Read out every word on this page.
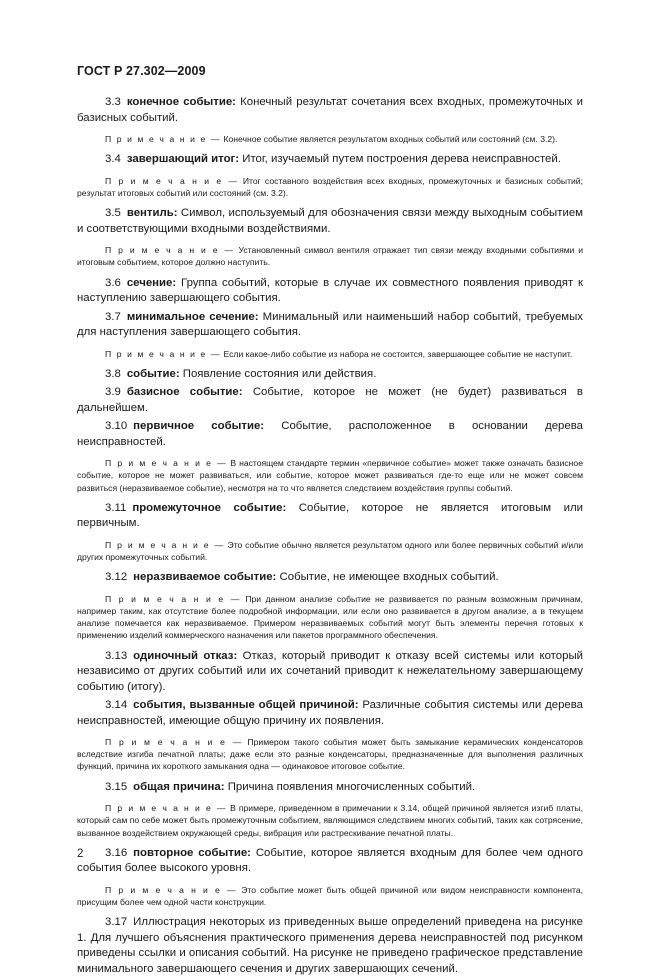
ГОСТ Р 27.302—2009

3.3 конечное событие: Конечный результат сочетания всех входных, промежуточных и базисных событий.

П р и м е ч а н и е — Конечное событие является результатом входных событий или состояний (см. 3.2).

3.4 завершающий итог: Итог, изучаемый путем построения дерева неисправностей.

П р и м е ч а н и е — Итог составного воздействия всех входных, промежуточных и базисных событий; результат итоговых событий или состояний (см. 3.2).

3.5 вентиль: Символ, используемый для обозначения связи между выходным событием и соответствующими входными воздействиями.

П р и м е ч а н и е — Установленный символ вентиля отражает тип связи между входными событиями и итоговым событием, которое должно наступить.

3.6 сечение: Группа событий, которые в случае их совместного появления приводят к наступлению завершающего события.

3.7 минимальное сечение: Минимальный или наименьший набор событий, требуемых для наступления завершающего события.

П р и м е ч а н и е — Если какое-либо событие из набора не состоится, завершающее событие не наступит.

3.8 событие: Появление состояния или действия.

3.9 базисное событие: Событие, которое не может (не будет) развиваться в дальнейшем.

3.10 первичное событие: Событие, расположенное в основании дерева неисправностей.

П р и м е ч а н и е — В настоящем стандарте термин «первичное событие» может также означать базисное событие, которое не может развиваться, или событие, которое может развиваться где-то еще или не может совсем развиться (неразвиваемое событие), несмотря на то что является следствием воздействия группы событий.

3.11 промежуточное событие: Событие, которое не является итоговым или первичным.

П р и м е ч а н и е — Это событие обычно является результатом одного или более первичных событий и/или других промежуточных событий.

3.12 неразвиваемое событие: Событие, не имеющее входных событий.

П р и м е ч а н и е — При данном анализе событие не развивается по разным возможным причинам, например таким, как отсутствие более подробной информации, или если оно развивается в другом анализе, а в текущем анализе помечается как неразвиваемое. Примером неразвиваемых событий могут быть элементы перечня готовых к применению изделий коммерческого назначения или пакетов программного обеспечения.

3.13 одиночный отказ: Отказ, который приводит к отказу всей системы или который независимо от других событий или их сочетаний приводит к нежелательному завершающему событию (итогу).

3.14 события, вызванные общей причиной: Различные события системы или дерева неисправностей, имеющие общую причину их появления.

П р и м е ч а н и е — Примером такого события может быть замыкание керамических конденсаторов вследствие изгиба печатной платы; даже если это разные конденсаторы, предназначенные для выполнения различных функций, причина их короткого замыкания одна — одинаковое итоговое событие.

3.15 общая причина: Причина появления многочисленных событий.

П р и м е ч а н и е — В примере, приведенном в примечании к 3.14, общей причиной является изгиб платы, который сам по себе может быть промежуточным событием, являющимся следствием многих событий, таких как сотрясение, вызванное воздействием окружающей среды, вибрация или растрескивание печатной платы.

3.16 повторное событие: Событие, которое является входным для более чем одного события более высокого уровня.

П р и м е ч а н и е — Это событие может быть общей причиной или видом неисправности компонента, присущим более чем одной части конструкции.

3.17 Иллюстрация некоторых из приведенных выше определений приведена на рисунке 1. Для лучшего объяснения практического применения дерева неисправностей под рисунком приведены ссылки и описания событий. На рисунке не приведено графическое представление минимального завершающего сечения и других завершающих сечений.

2
